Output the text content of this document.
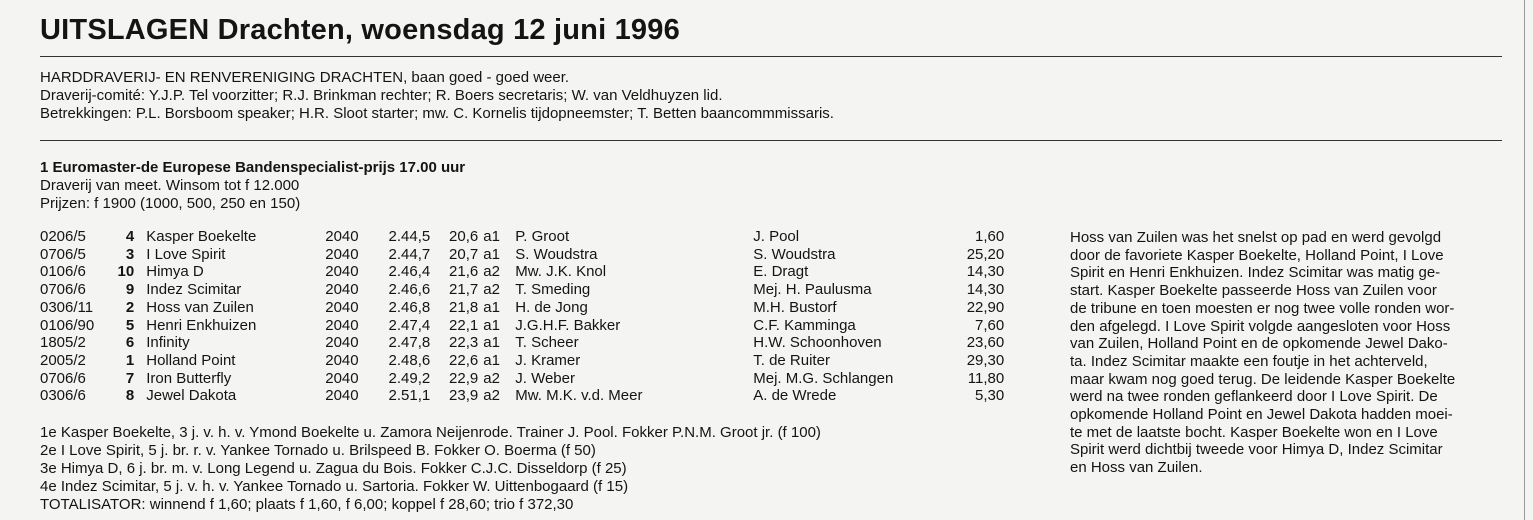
UITSLAGEN Drachten, woensdag 12 juni 1996
HARDDRAVERIJ- EN RENVERENIGING DRACHTEN, baan goed - goed weer.
Draverij-comité: Y.J.P. Tel voorzitter; R.J. Brinkman rechter; R. Boers secretaris; W. van Veldhuyzen lid.
Betrekkingen: P.L. Borsboom speaker; H.R. Sloot starter; mw. C. Kornelis tijdopneemster; T. Betten baancommmissaris.
1 Euromaster-de Europese Bandenspecialist-prijs 17.00 uur
Draverij van meet. Winsom tot f 12.000
Prijzen: f 1900 (1000, 500, 250 en 150)
0206/5	4	Kasper Boekelte	2040	2.44,5	20,6	a1	P. Groot	J. Pool	1,60
0706/5	3	I Love Spirit	2040	2.44,7	20,7	a1	S. Woudstra	S. Woudstra	25,20
0106/6	10	Himya D	2040	2.46,4	21,6	a2	Mw. J.K. Knol	E. Dragt	14,30
0706/6	9	Indez Scimitar	2040	2.46,6	21,7	a2	T. Smeding	Mej. H. Paulusma	14,30
0306/11	2	Hoss van Zuilen	2040	2.46,8	21,8	a1	H. de Jong	M.H. Bustorf	22,90
0106/90	5	Henri Enkhuizen	2040	2.47,4	22,1	a1	J.G.H.F. Bakker	C.F. Kamminga	7,60
1805/2	6	Infinity	2040	2.47,8	22,3	a1	T. Scheer	H.W. Schoonhoven	23,60
2005/2	1	Holland Point	2040	2.48,6	22,6	a1	J. Kramer	T. de Ruiter	29,30
0706/6	7	Iron Butterfly	2040	2.49,2	22,9	a2	J. Weber	Mej. M.G. Schlangen	11,80
0306/6	8	Jewel Dakota	2040	2.51,1	23,9	a2	Mw. M.K. v.d. Meer	A. de Wrede	5,30
1e Kasper Boekelte, 3 j. v. h. v. Ymond Boekelte u. Zamora Neijenrode. Trainer J. Pool. Fokker P.N.M. Groot jr. (f 100)
2e I Love Spirit, 5 j. br. r. v. Yankee Tornado u. Brilspeed B. Fokker O. Boerma (f 50)
3e Himya D, 6 j. br. m. v. Long Legend u. Zagua du Bois. Fokker C.J.C. Disseldorp (f 25)
4e Indez Scimitar, 5 j. v. h. v. Yankee Tornado u. Sartoria. Fokker W. Uittenbogaard (f 15)
TOTALISATOR: winnend f 1,60; plaats f 1,60, f 6,00; koppel f 28,60; trio f 372,30
Hoss van Zuilen was het snelst op pad en werd gevolgd
door de favoriete Kasper Boekelte, Holland Point, I Love
Spirit en Henri Enkhuizen. Indez Scimitar was matig ge-
start. Kasper Boekelte passeerde Hoss van Zuilen voor
de tribune en toen moesten er nog twee volle ronden wor-
den afgelegd. I Love Spirit volgde aangesloten voor Hoss
van Zuilen, Holland Point en de opkomende Jewel Dako-
ta. Indez Scimitar maakte een foutje in het achterveld,
maar kwam nog goed terug. De leidende Kasper Boekelte
werd na twee ronden geflankeerd door I Love Spirit. De
opkomende Holland Point en Jewel Dakota hadden moei-
te met de laatste bocht. Kasper Boekelte won en I Love
Spirit werd dichtbij tweede voor Himya D, Indez Scimitar
en Hoss van Zuilen.
